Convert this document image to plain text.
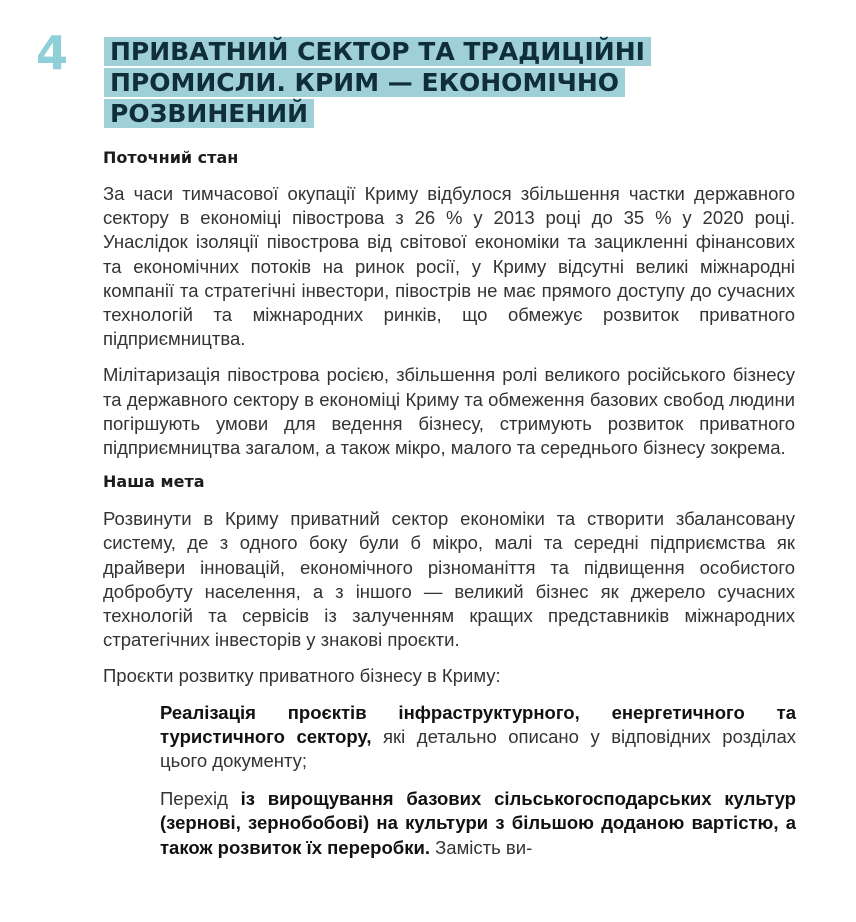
4 ПРИВАТНИЙ СЕКТОР ТА ТРАДИЦІЙНІ ПРОМИСЛИ. КРИМ — ЕКОНОМІЧНО РОЗВИНЕНИЙ
Поточний стан

За часи тимчасової окупації Криму відбулося збільшення частки державного сектору в економіці півострова з 26 % у 2013 році до 35 % у 2020 році. Унаслідок ізоляції півострова від світової економіки та зацикленні фінансових та економічних потоків на ринок росії, у Криму відсутні великі міжнародні компанії та стратегічні інвестори, півострів не має прямого доступу до сучасних технологій та міжнародних ринків, що обмежує розвиток приватного підприємництва.

Мілітаризація півострова росією, збільшення ролі великого російського бізнесу та державного сектору в економіці Криму та обмеження базових свобод людини погіршують умови для ведення бізнесу, стримують розвиток приватного підприємництва загалом, а також мікро, малого та середнього бізнесу зокрема.

Наша мета

Розвинути в Криму приватний сектор економіки та створити збалансовану систему, де з одного боку були б мікро, малі та середні підприємства як драйвери інновацій, економічного різноманіття та підвищення особистого добробуту населення, а з іншого — великий бізнес як джерело сучасних технологій та сервісів із залученням кращих представників міжнародних стратегічних інвесторів у знакові проєкти.

Проєкти розвитку приватного бізнесу в Криму:

Реалізація проєктів інфраструктурного, енергетичного та туристичного сектору, які детально описано у відповідних розділах цього документу;
Перехід із вирощування базових сільськогосподарських культур (зернові, зернобобові) на культури з більшою доданою вартістю, а також розвиток їх переробки. Замість ви-
